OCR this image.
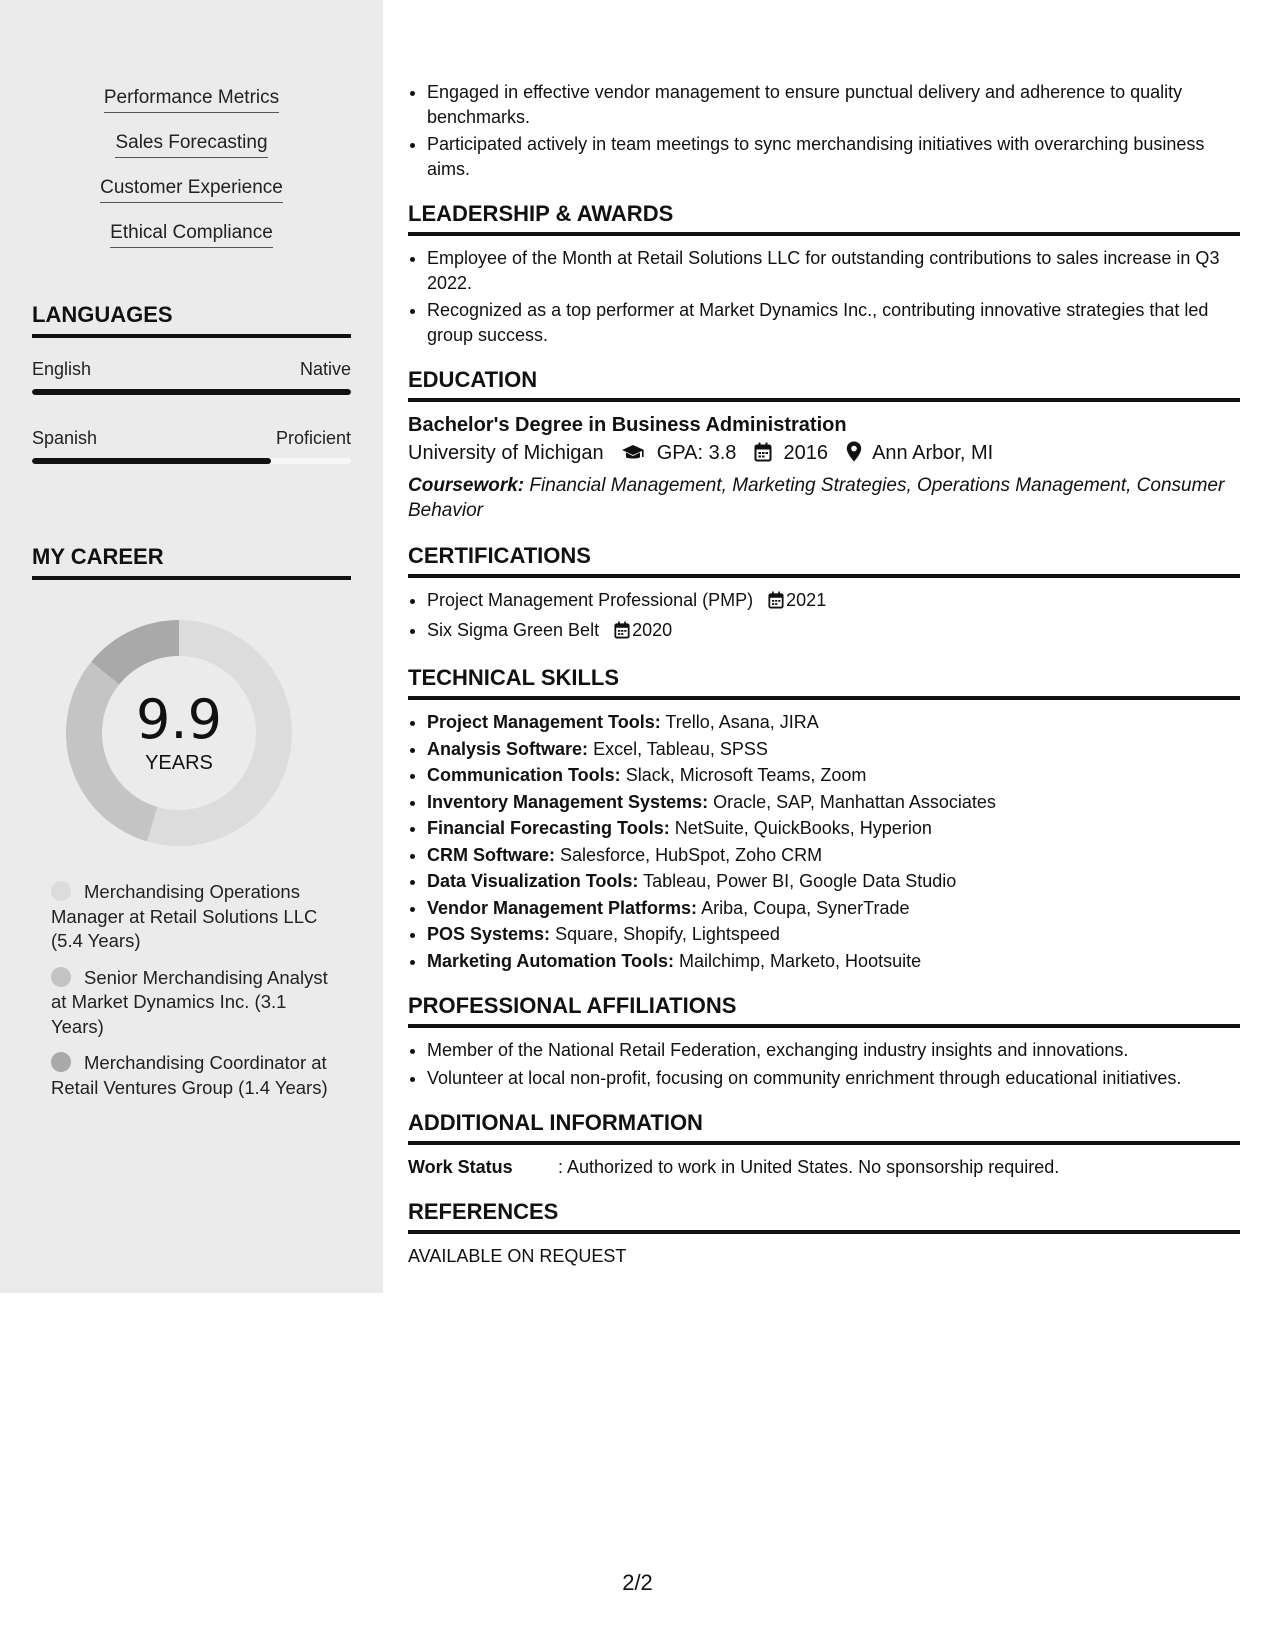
Performance Metrics
Sales Forecasting
Customer Experience
Ethical Compliance
LANGUAGES
English	Native
Spanish	Proficient
MY CAREER
9.9
YEARS
Merchandising Operations Manager at Retail Solutions LLC (5.4 Years)
Senior Merchandising Analyst at Market Dynamics Inc. (3.1 Years)
Merchandising Coordinator at Retail Ventures Group (1.4 Years)
• Engaged in effective vendor management to ensure punctual delivery and adherence to quality benchmarks.
• Participated actively in team meetings to sync merchandising initiatives with overarching business aims.
LEADERSHIP & AWARDS
• Employee of the Month at Retail Solutions LLC for outstanding contributions to sales increase in Q3 2022.
• Recognized as a top performer at Market Dynamics Inc., contributing innovative strategies that led group success.
EDUCATION
Bachelor's Degree in Business Administration
University of Michigan	GPA: 3.8 2016 Ann Arbor, MI
Coursework: Financial Management, Marketing Strategies, Operations Management, Consumer Behavior
CERTIFICATIONS
• Project Management Professional (PMP) 2021
• Six Sigma Green Belt 2020
TECHNICAL SKILLS
• Project Management Tools: Trello, Asana, JIRA
• Analysis Software: Excel, Tableau, SPSS
• Communication Tools: Slack, Microsoft Teams, Zoom
• Inventory Management Systems: Oracle, SAP, Manhattan Associates
• Financial Forecasting Tools: NetSuite, QuickBooks, Hyperion
• CRM Software: Salesforce, HubSpot, Zoho CRM
• Data Visualization Tools: Tableau, Power BI, Google Data Studio
• Vendor Management Platforms: Ariba, Coupa, SynerTrade
• POS Systems: Square, Shopify, Lightspeed
• Marketing Automation Tools: Mailchimp, Marketo, Hootsuite
PROFESSIONAL AFFILIATIONS
• Member of the National Retail Federation, exchanging industry insights and innovations.
• Volunteer at local non-profit, focusing on community enrichment through educational initiatives.
ADDITIONAL INFORMATION
Work Status	: Authorized to work in United States. No sponsorship required.
REFERENCES
AVAILABLE ON REQUEST
2/2
